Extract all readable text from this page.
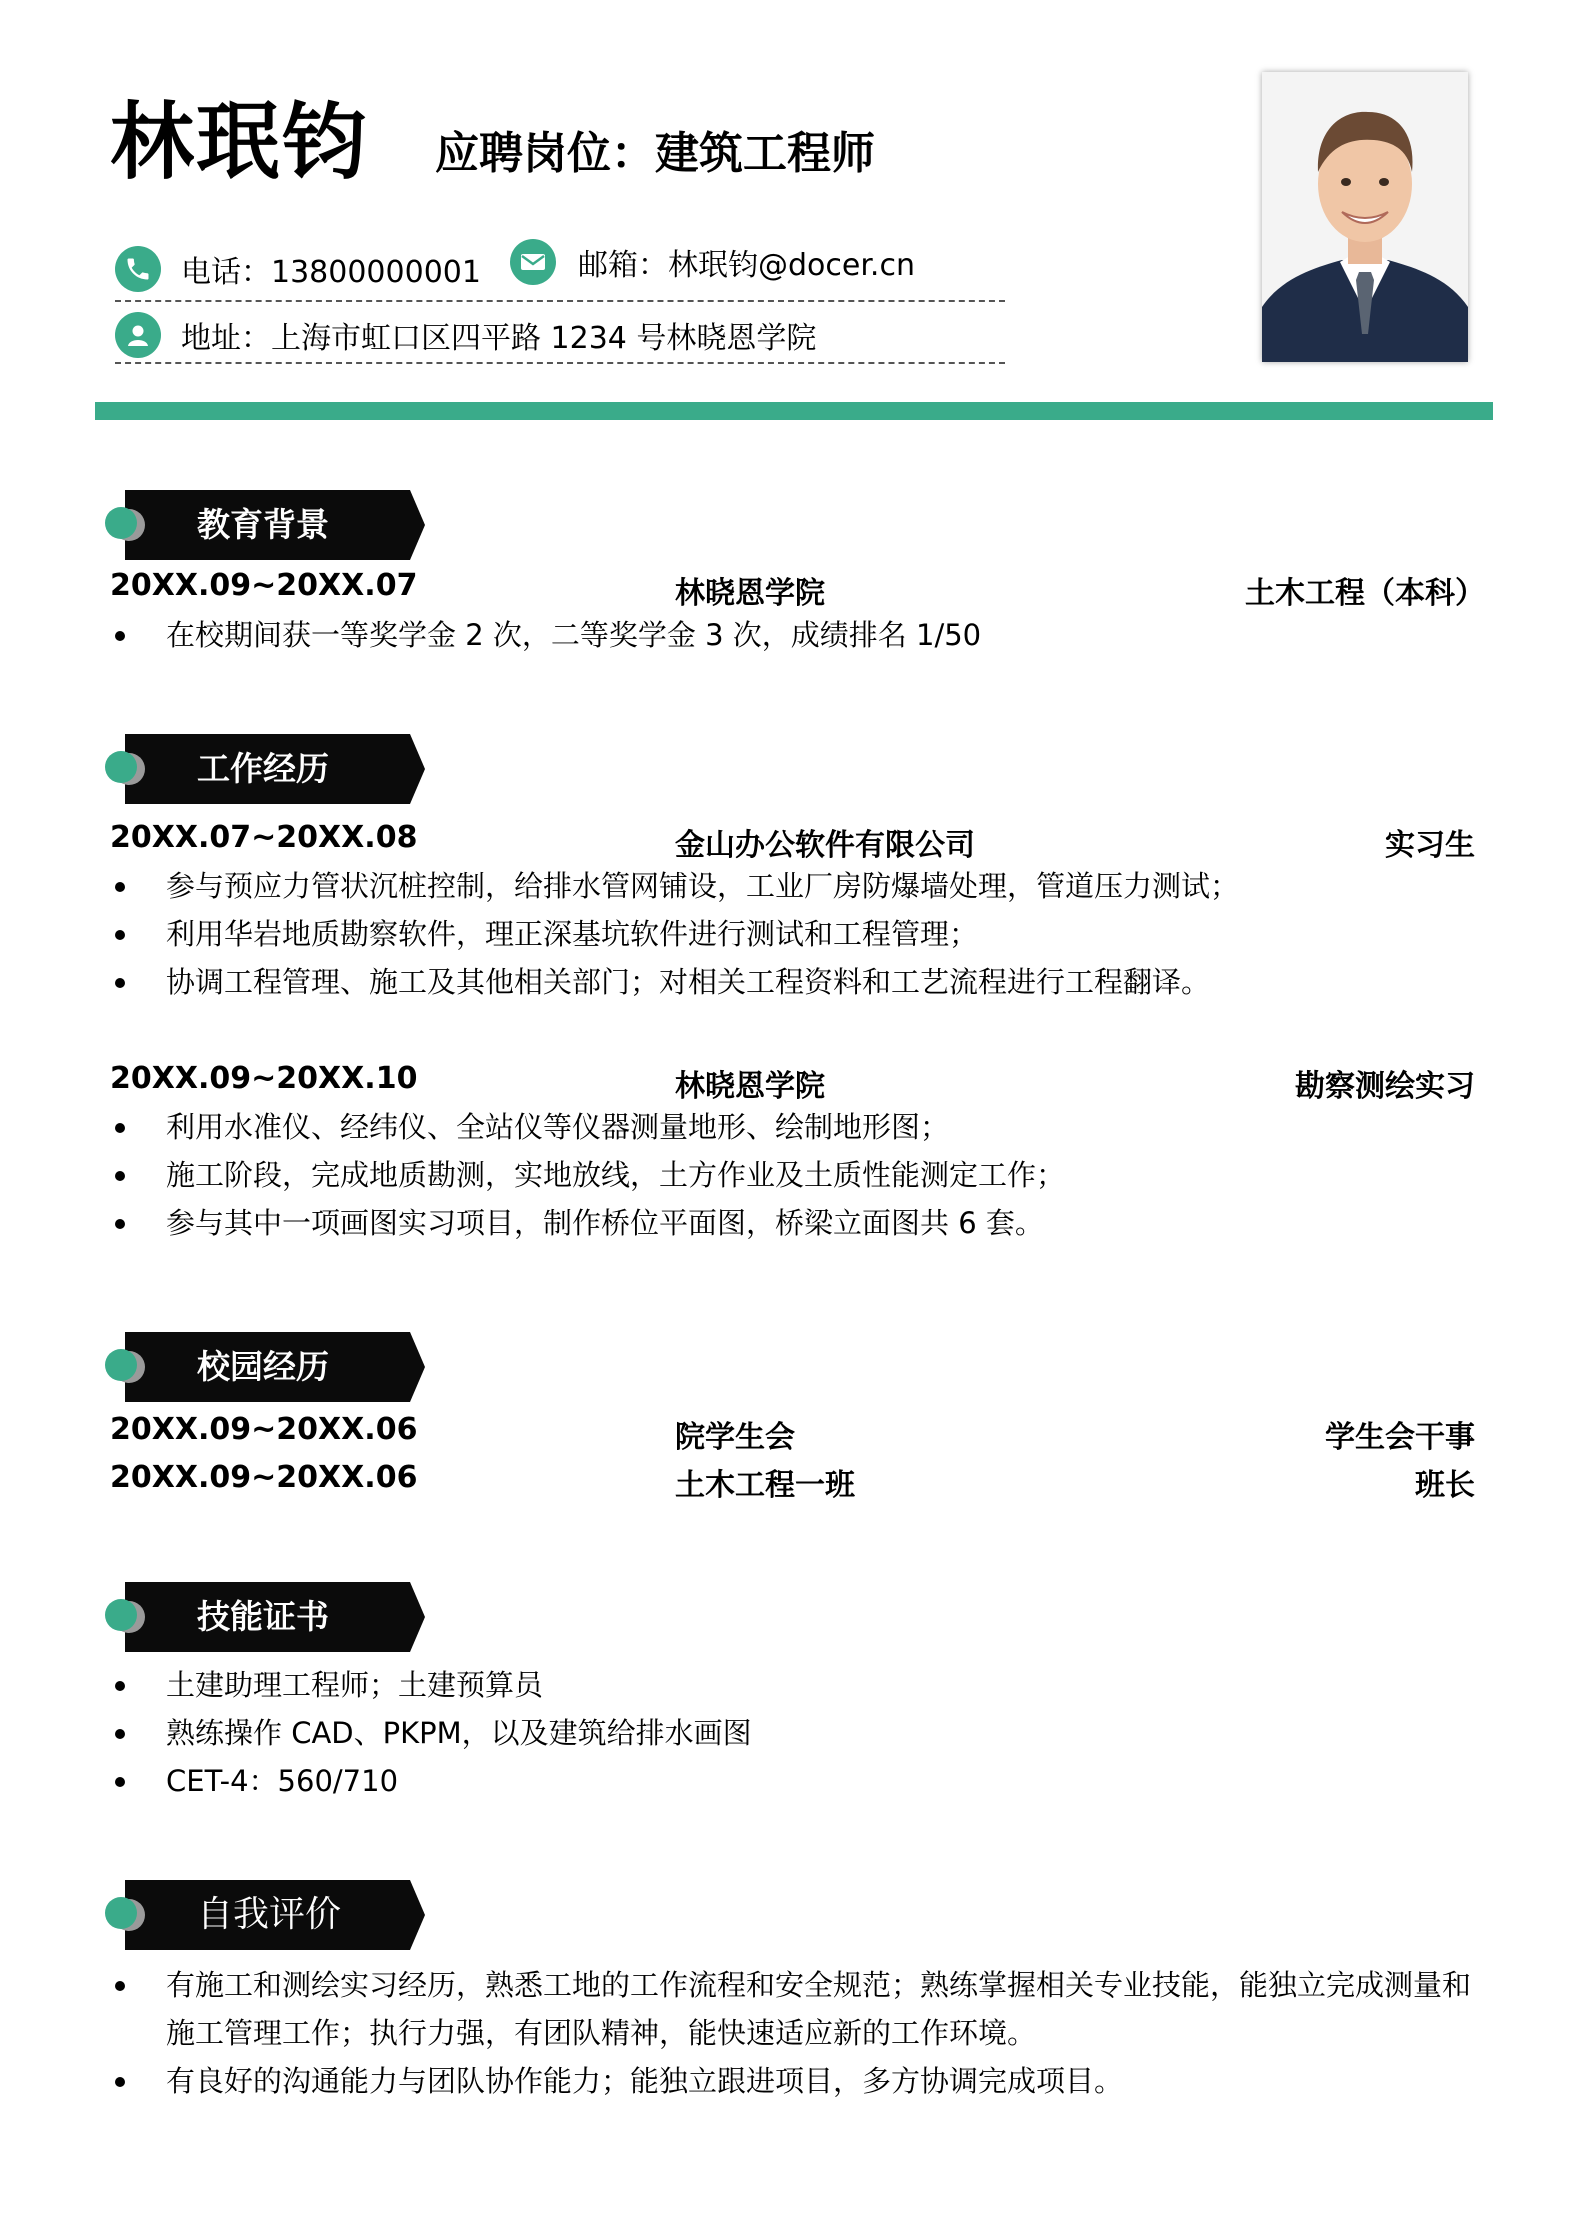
林珉钧 应聘岗位：建筑工程师
电话：13800000001	邮箱：林珉钧@docer.cn
地址：上海市虹口区四平路 1234 号林晓恩学院
教育背景
20XX.09~20XX.07	林晓恩学院	土木工程（本科）
在校期间获一等奖学金 2 次，二等奖学金 3 次，成绩排名 1/50
工作经历
20XX.07~20XX.08	金山办公软件有限公司	实习生
参与预应力管状沉桩控制，给排水管网铺设，工业厂房防爆墙处理，管道压力测试；
利用华岩地质勘察软件，理正深基坑软件进行测试和工程管理；
协调工程管理、施工及其他相关部门；对相关工程资料和工艺流程进行工程翻译。
20XX.09~20XX.10	林晓恩学院	勘察测绘实习
利用水准仪、经纬仪、全站仪等仪器测量地形、绘制地形图；
施工阶段，完成地质勘测，实地放线，土方作业及土质性能测定工作；
参与其中一项画图实习项目，制作桥位平面图，桥梁立面图共 6 套。
校园经历
20XX.09~20XX.06	院学生会	学生会干事
20XX.09~20XX.06	土木工程一班	班长
技能证书
土建助理工程师；土建预算员
熟练操作 CAD、PKPM，以及建筑给排水画图
CET-4：560/710
自我评价
有施工和测绘实习经历，熟悉工地的工作流程和安全规范；熟练掌握相关专业技能，能独立完成测量和施工管理工作；执行力强，有团队精神，能快速适应新的工作环境。
有良好的沟通能力与团队协作能力；能独立跟进项目，多方协调完成项目。
